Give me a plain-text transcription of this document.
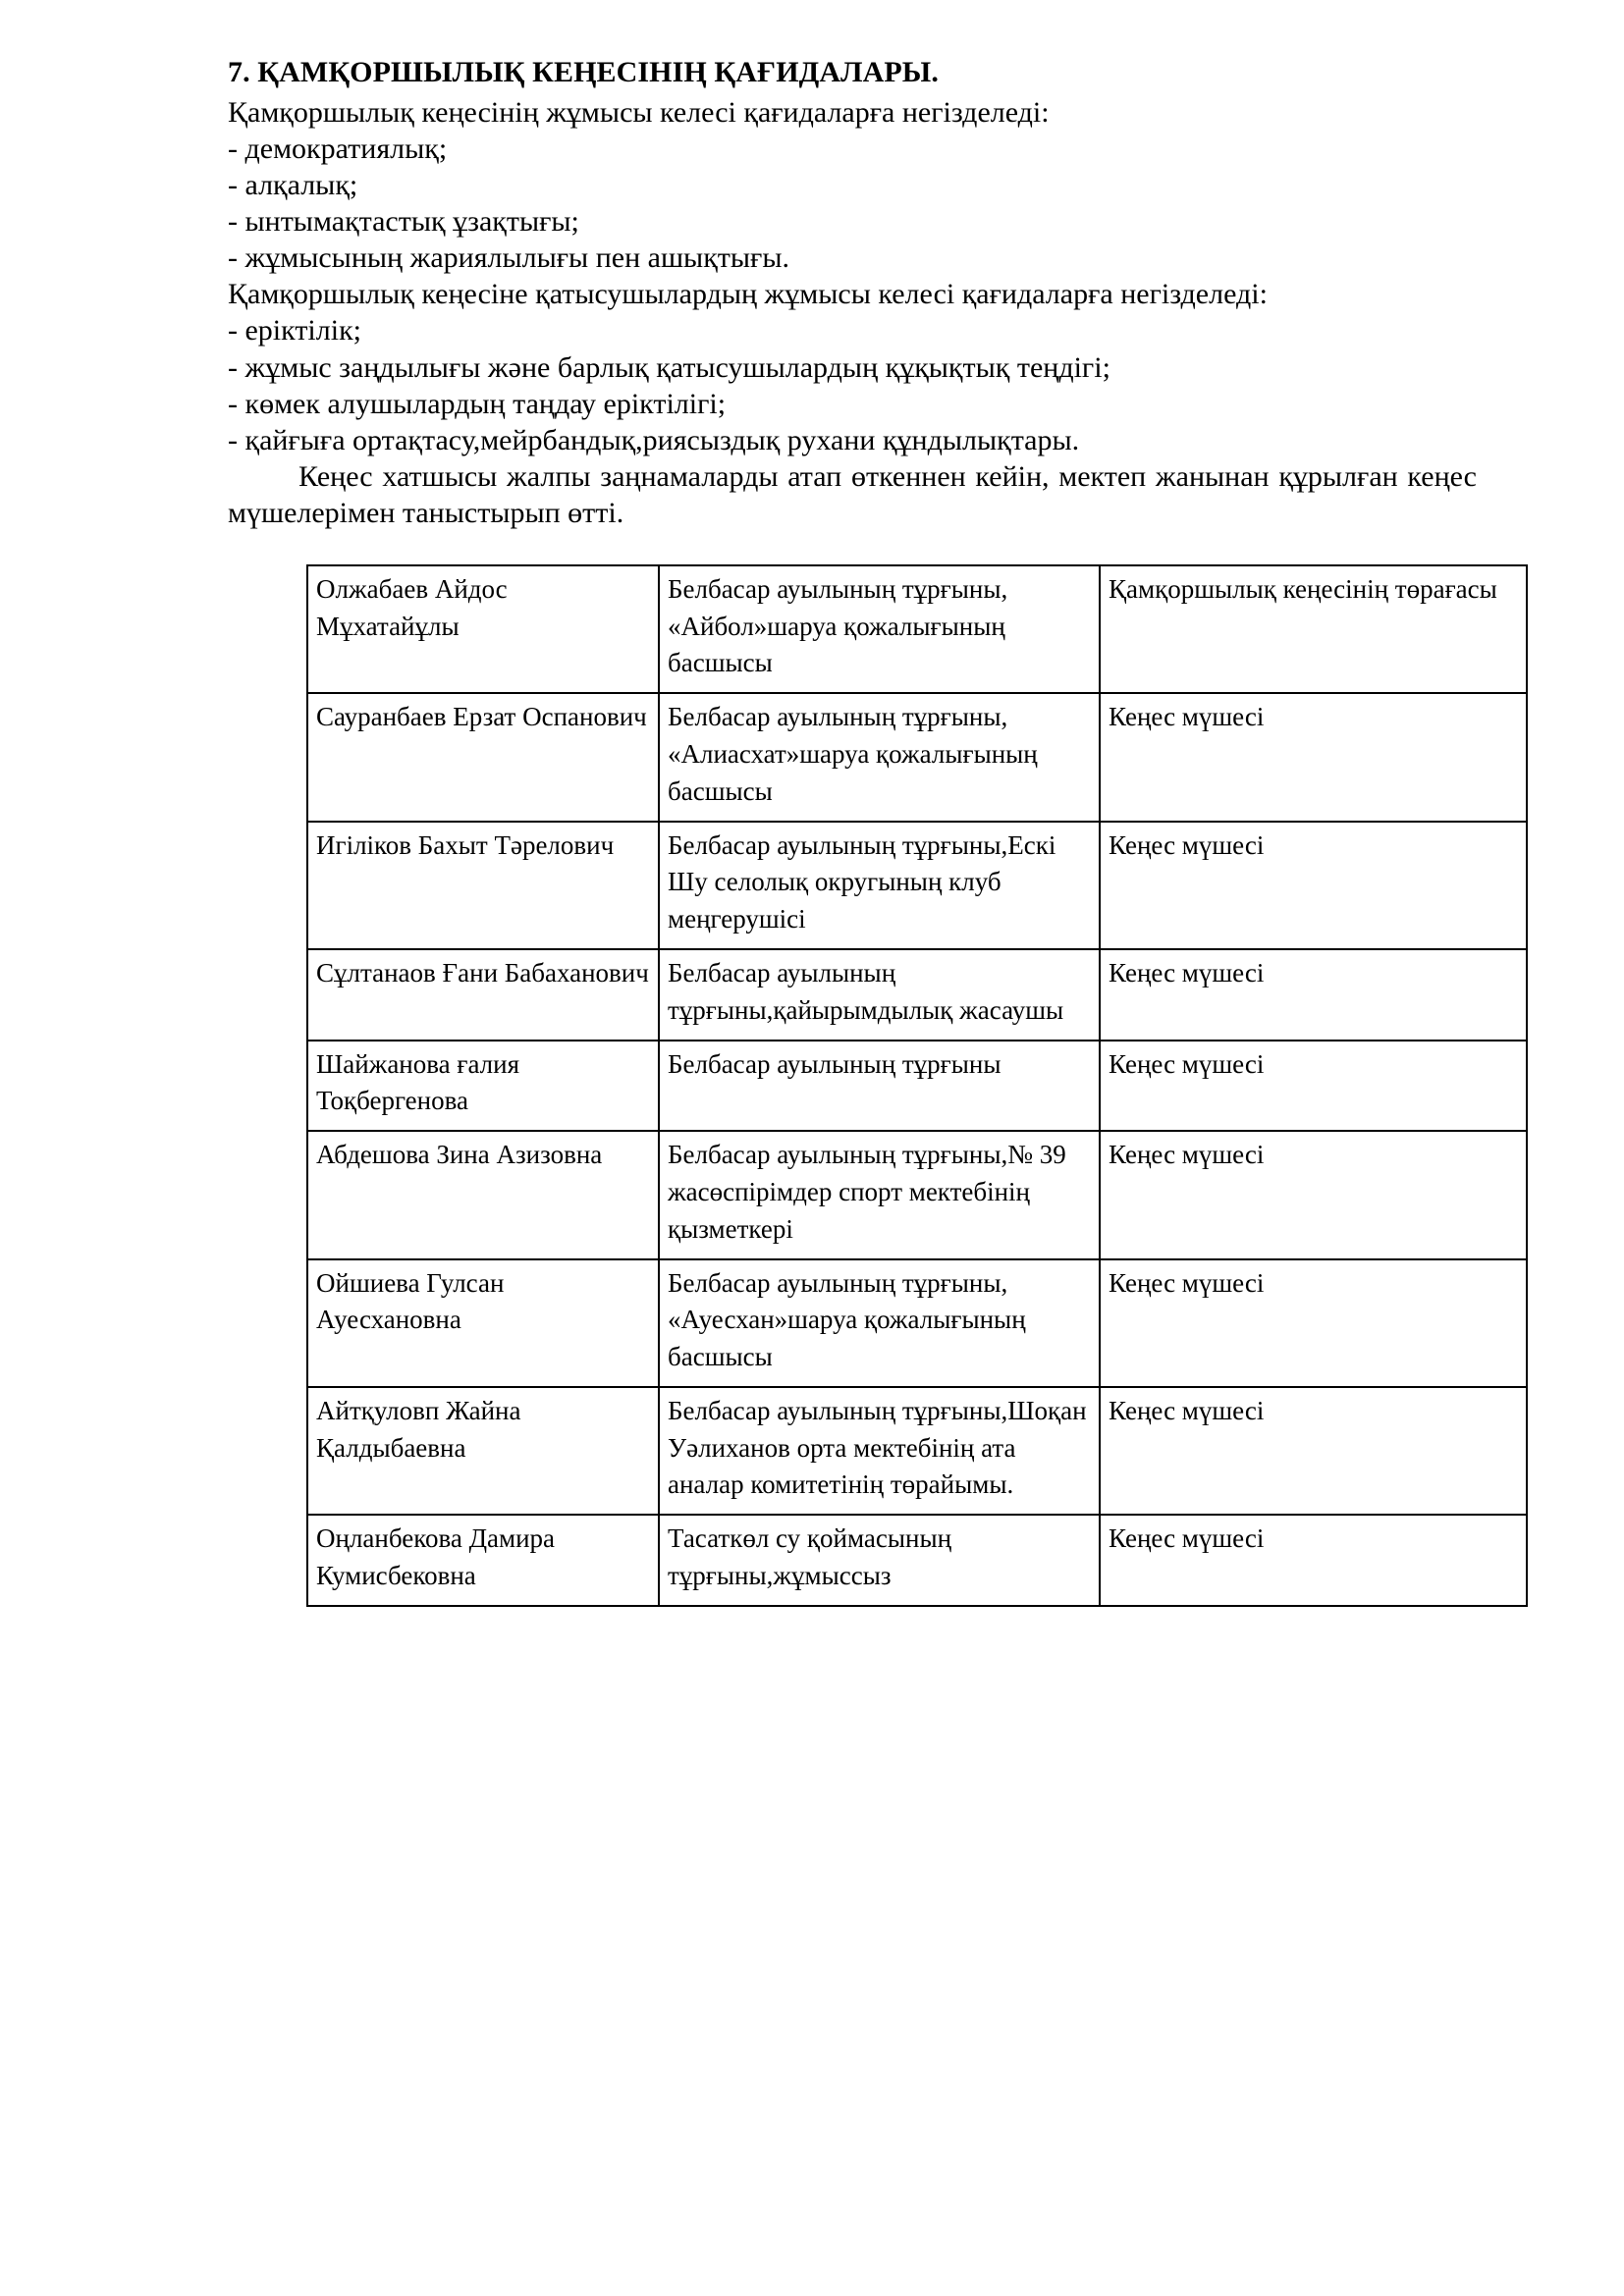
7. ҚАМҚОРШЫЛЫҚ КЕҢЕСІНІҢ ҚАҒИДАЛАРЫ.

Қамқоршылық кеңесінің жұмысы келесі қағидаларға негізделеді:

- демократиялық;

- алқалық;

- ынтымақтастық ұзақтығы;

- жұмысының жариялылығы пен ашықтығы.

Қамқоршылық кеңесіне қатысушылардың жұмысы келесі қағидаларға негізделеді:

- еріктілік;

- жұмыс заңдылығы және барлық қатысушылардың құқықтық теңдігі;

- көмек алушылардың таңдау еріктілігі;

- қайғыға ортақтасу,мейрбандық,риясыздық рухани құндылықтары.

Кеңес хатшысы жалпы заңнамаларды атап өткеннен кейін, мектеп жанынан құрылған кеңес мүшелерімен таныстырып өтті.

Олжабаев Айдос Мұхатайұлы	Белбасар ауылының тұрғыны, «Айбол»шаруа қожалығының басшысы	Қамқоршылық кеңесінің төрағасы
Сауранбаев Ерзат Оспанович	Белбасар ауылының тұрғыны, «Алиасхат»шаруа қожалығының басшысы	Кеңес мүшесі
Игіліков Бахыт Тәрелович	Белбасар ауылының тұрғыны,Ескі Шу селолық округының клуб меңгерушісі	Кеңес мүшесі
Сұлтанаов Ғани Бабаханович	Белбасар ауылының тұрғыны,қайырымдылық жасаушы	Кеңес мүшесі
Шайжанова ғалия Тоқбергенова	Белбасар ауылының тұрғыны	Кеңес мүшесі
Абдешова Зина Азизовна	Белбасар ауылының тұрғыны,№ 39 жасөспірімдер спорт мектебінің қызметкері	Кеңес мүшесі
Ойшиева Гулсан Ауесхановна	Белбасар ауылының тұрғыны, «Ауесхан»шаруа қожалығының басшысы	Кеңес мүшесі
Айтқуловп Жайна Қалдыбаевна	Белбасар ауылының тұрғыны,Шоқан Уәлиханов орта мектебінің ата аналар комитетінің төрайымы.	Кеңес мүшесі
Оңланбекова Дамира Кумисбековна	Тасаткөл су қоймасының тұрғыны,жұмыссыз	Кеңес мүшесі
